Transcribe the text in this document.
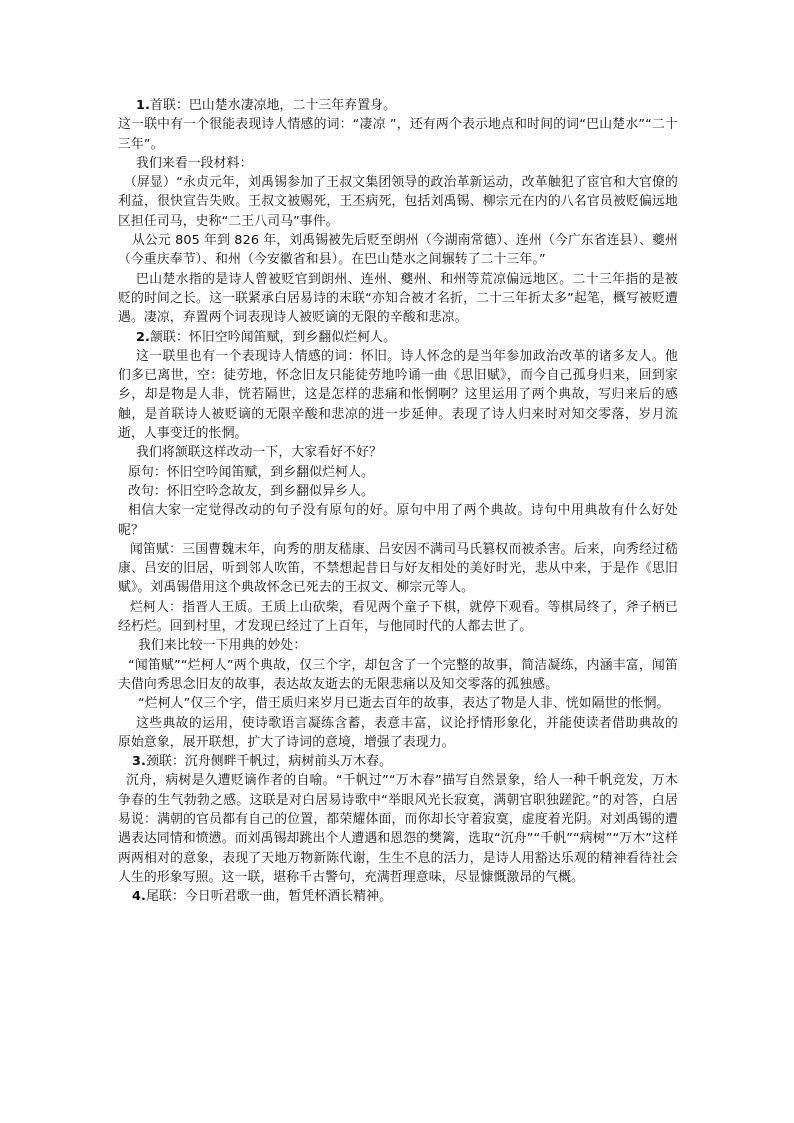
1.首联：巴山楚水凄凉地，二十三年弃置身。

这一联中有一个很能表现诗人情感的词：“凄凉 ”，还有两个表示地点和时间的词“巴山楚水”“二十三年”。

我们来看一段材料：

（屏显）“永贞元年，刘禹锡参加了王叔文集团领导的政治革新运动，改革触犯了宦官和大官僚的利益，很快宣告失败。王叔文被赐死，王丕病死，包括刘禹锡、柳宗元在内的八名官员被贬偏远地区担任司马，史称“二王八司马”事件。

从公元 805 年到 826 年，刘禹锡被先后贬至朗州（今湖南常德）、连州（今广东省连县）、夔州（今重庆奉节）、和州（今安徽省和县）。在巴山楚水之间辗转了二十三年。”

巴山楚水指的是诗人曾被贬官到朗州、连州、夔州、和州等荒凉偏远地区。二十三年指的是被贬的时间之长。这一联紧承白居易诗的末联“亦知合被才名折，二十三年折太多”起笔，概写被贬遭遇。凄凉，弃置两个词表现诗人被贬谪的无限的辛酸和悲凉。

2.颔联：怀旧空吟闻笛赋，到乡翻似烂柯人。

这一联里也有一个表现诗人情感的词：怀旧。诗人怀念的是当年参加政治改革的诸多友人。他们多已离世，空：徒劳地，怀念旧友只能徒劳地吟诵一曲《思旧赋》，而今自己孤身归来，回到家乡，却是物是人非，恍若隔世，这是怎样的悲痛和怅惘啊？这里运用了两个典故，写归来后的感触，是首联诗人被贬谪的无限辛酸和悲凉的进一步延伸。表现了诗人归来时对知交零落，岁月流逝，人事变迁的怅惘。

我们将颔联这样改动一下，大家看好不好？

原句：怀旧空吟闻笛赋，到乡翻似烂柯人。

改句：怀旧空吟念故友，到乡翻似异乡人。

相信大家一定觉得改动的句子没有原句的好。原句中用了两个典故。诗句中用典故有什么好处呢？

闻笛赋：三国曹魏末年，向秀的朋友嵇康、吕安因不满司马氏篡权而被杀害。后来，向秀经过嵇康、吕安的旧居，听到邻人吹笛，不禁想起昔日与好友相处的美好时光，悲从中来，于是作《思旧赋》。刘禹锡借用这个典故怀念已死去的王叔文、柳宗元等人。

烂柯人：指晋人王质。王质上山砍柴，看见两个童子下棋，就停下观看。等棋局终了，斧子柄已经朽烂。回到村里，才发现已经过了上百年，与他同时代的人都去世了。

我们来比较一下用典的妙处：

“闻笛赋”“烂柯人”两个典故，仅三个字，却包含了一个完整的故事，简洁凝练，内涵丰富，闻笛夫借向秀思念旧友的故事，表达故友逝去的无限悲痛以及知交零落的孤独感。

“烂柯人”仅三个字，借王质归来岁月已逝去百年的故事，表达了物是人非、恍如隔世的怅惘。

这些典故的运用，使诗歌语言凝练含蓄，表意丰富，议论抒情形象化，并能使读者借助典故的原始意象，展开联想，扩大了诗词的意境，增强了表现力。

3.颈联：沉舟侧畔千帆过，病树前头万木春。

沉舟，病树是久遭贬谪作者的自喻。“千帆过”“万木春”描写自然景象，给人一种千帆竞发，万木争春的生气勃勃之感。这联是对白居易诗歌中“举眼风光长寂寞，满朝官职独蹉跎。”的对答，白居易说：满朝的官员都有自己的位置，都荣耀体面，而你却长守着寂寞，虚度着光阴。对刘禹锡的遭遇表达同情和愤懑。而刘禹锡却跳出个人遭遇和恩怨的樊篱，选取“沉舟”“千帆”“病树”“万木”这样两两相对的意象，表现了天地万物新陈代谢，生生不息的活力，是诗人用豁达乐观的精神看待社会人生的形象写照。这一联，堪称千古警句，充满哲理意味，尽显慷慨激昂的气概。

4.尾联：今日听君歌一曲，暂凭杯酒长精神。
